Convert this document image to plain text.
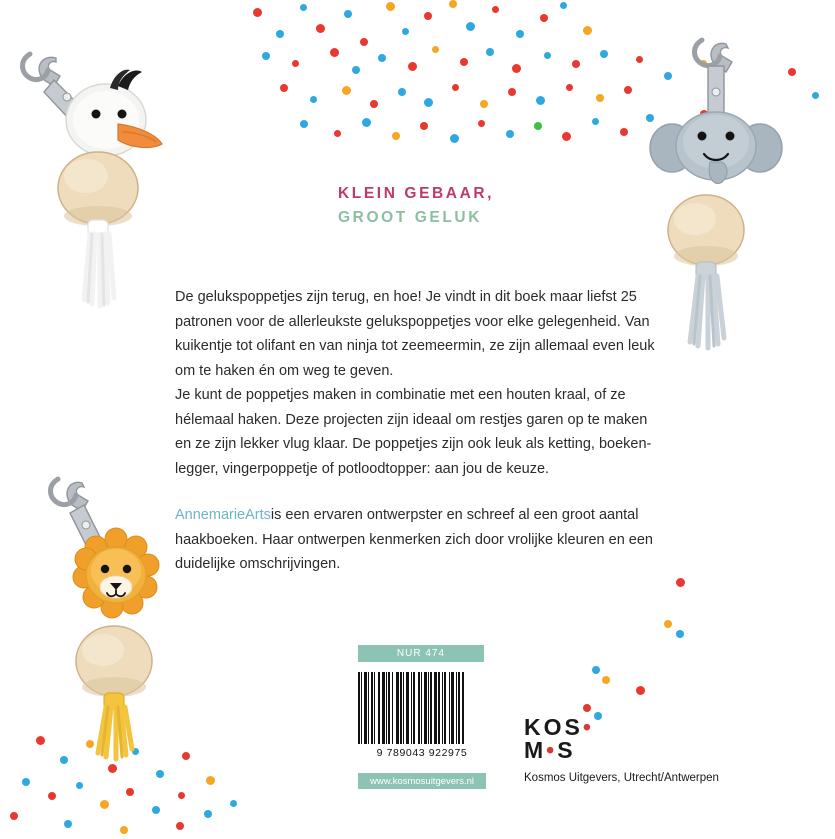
KLEIN GEBAAR,

GROOT GELUK

De gelukspoppetjes zijn terug, en hoe! Je vindt in dit boek maar liefst 25 patronen voor de allerleukste gelukspoppetjes voor elke gelegenheid. Van kuikentje tot olifant en van ninja tot zeemeermin, ze zijn allemaal even leuk om te haken én om weg te geven.

Je kunt de poppetjes maken in combinatie met een houten kraal, of ze hélemaal haken. Deze projecten zijn ideaal om restjes garen op te maken en ze zijn lekker vlug klaar. De poppetjes zijn ook leuk als ketting, boeken-legger, vingerpoppetje of potloodtopper: aan jou de keuze.

AnnemarieArtsis een ervaren ontwerpster en schreef al een groot aantal haakboeken. Haar ontwerpen kenmerken zich door vrolijke kleuren en een duidelijke omschrijvingen.

NUR 474
9 789043 922975
www.kosmosuitgevers.nl
KOS•
M•S
Kosmos Uitgevers, Utrecht/Antwerpen
